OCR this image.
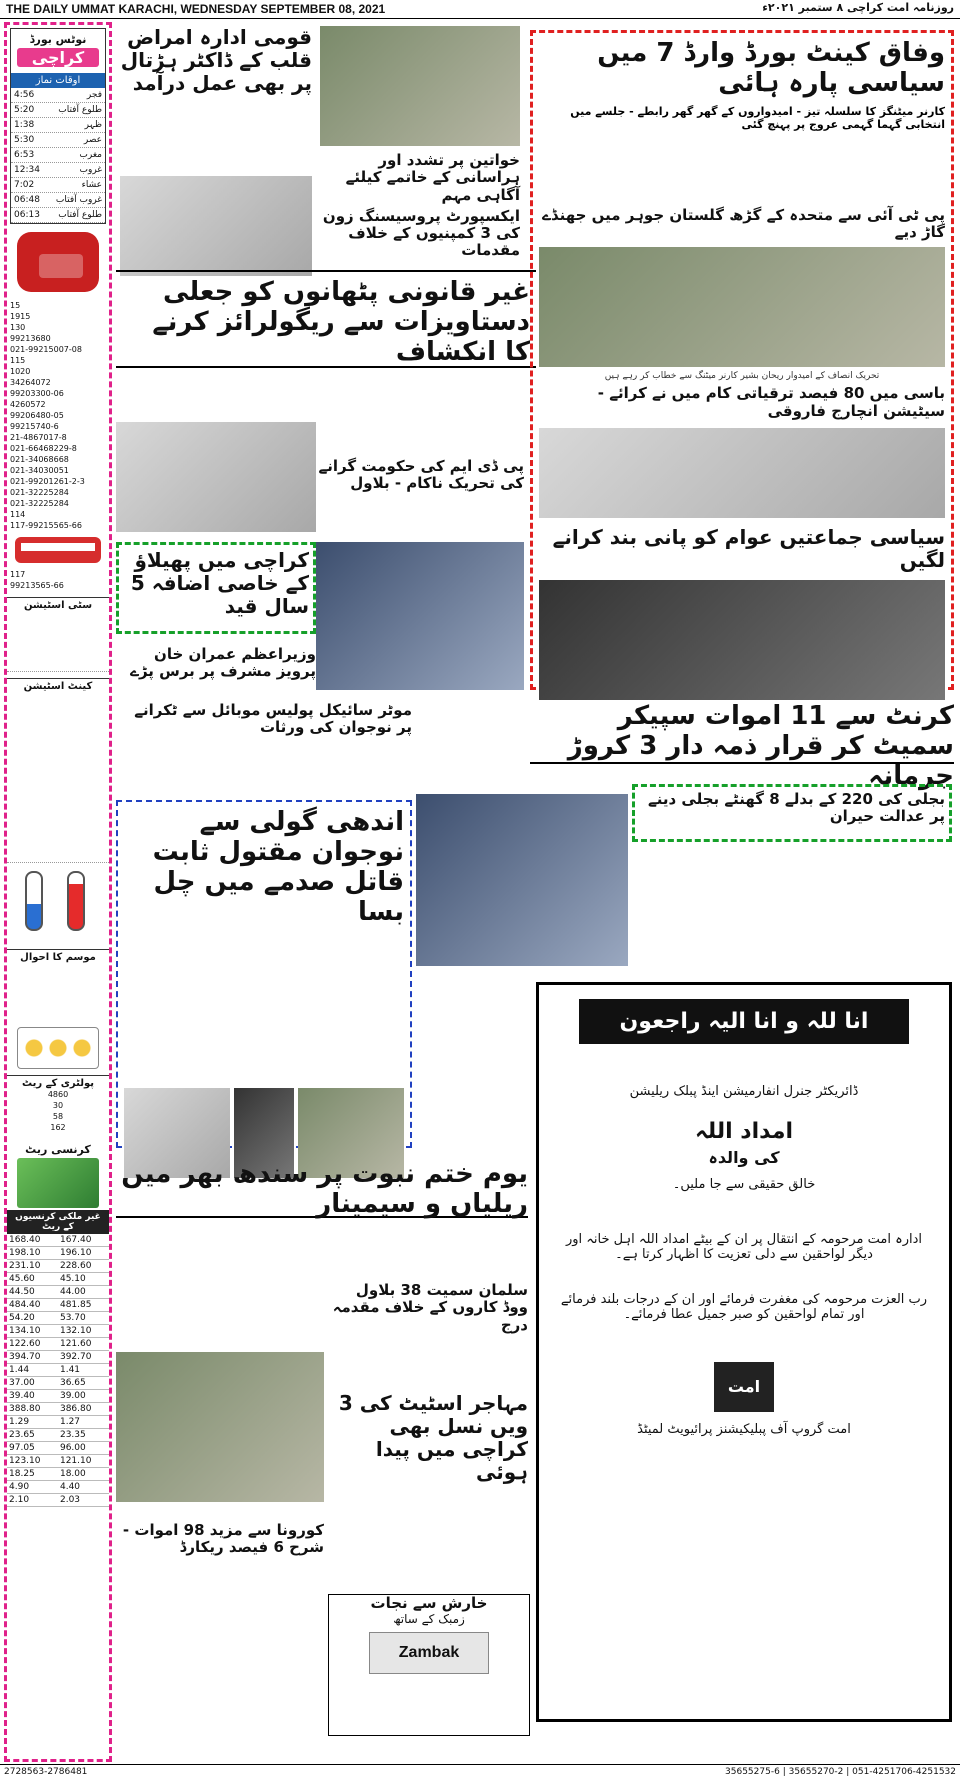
THE DAILY UMMAT KARACHI, WEDNESDAY SEPTEMBER 08, 2021	روزنامہ امت کراچی ۸ ستمبر ۲۰۲۱ء
نوٹس بورڈ
کراچی
اوقات نماز
4:56	فجر
5:20	طلوع آفتاب
1:38	ظہر
5:30	عصر
6:53	مغرب
12:34	غروب
7:02	عشاء
06:48 غروب آفتاب
06:13 طلوع آفتاب
15
1915
130
99213680
021-99215007-08
115
1020
34264072
99203300-06
4260572
99206480-05
99215740-6
21-4867017-8
021-66468229-8
021-34068668
021-34030051
021-99201261-2-3
021-32225284
021-32225284
114
117-99215565-66
117
99213565-66
سٹی اسٹیشن
کینٹ اسٹیشن
موسم کا احوال
پولٹری کے ریٹ
4860
30
58
162
کرنسی ریٹ
غیر ملکی کرنسیوں کے ریٹ	
168.40	167.40
198.10	196.10
231.10	228.60
45.60	45.10
44.50	44.00
484.40	481.85
54.20	53.70
134.10	132.10
122.60	121.60
394.70	392.70
1.44	1.41
37.00	36.65
39.40	39.00
388.80	386.80
1.29	1.27
23.65	23.35
97.05	96.00
123.10	121.10
18.25	18.00
4.90	4.40
2.10	2.03
قومی ادارہ امراض قلب کے ڈاکٹر ہڑتال پر بھی عمل درآمد
خواتین پر تشدد اور ہراسانی کے خاتمے کیلئے آگاہی مہم
ایکسپورٹ پروسیسنگ زون کی 3 کمپنیوں کے خلاف مقدمات
غیر قانونی پٹھانوں کو جعلی دستاویزات سے ریگولرائز کرنے کا انکشاف
پی ڈی ایم کی حکومت گرانے کی تحریک ناکام - بلاول
کراچی میں پھیلاؤ کے خاصی اضافہ 5 سال قید
وزیراعظم عمران خان پرویز مشرف پر برس پڑے
وفاق کینٹ بورڈ وارڈ 7 میں سیاسی پارہ ہائی
کارنر میٹنگز کا سلسلہ تیز - امیدواروں کے گھر گھر رابطے - جلسے میں انتخابی گہما گہمی عروج پر پہنچ گئی
پی ٹی آئی سے متحدہ کے گڑھ گلستان جوہر میں جھنڈے گاڑ دیے
تحریک انصاف کے امیدوار ریحان بشیر کارنر میٹنگ سے خطاب کر رہے ہیں
باسی میں 80 فیصد ترقیاتی کام میں نے کرائے - سیٹیشن انچارج فاروقی
سیاسی جماعتیں عوام کو پانی بند کرانے لگیں
کرنٹ سے 11 اموات سپیکر سمیٹ کر قرار ذمہ دار 3 کروڑ جرمانہ
بجلی کی 220 کے بدلے 8 گھنٹے بجلی دینے پر عدالت حیران
موٹر سائیکل پولیس موبائل سے ٹکرانے پر نوجوان کی ورثات
اندھی گولی سے نوجوان مقتول ثابت قاتل صدمے میں چل بسا
یوم ختم نبوت پر سندھ بھر میں ریلیاں و سیمینار
سلمان سمیت 38 بلاول ووڈ کاروں کے خلاف مقدمہ درج
مہاجر اسٹیٹ کی 3 ویں نسل بھی کراچی میں پیدا ہوئی
کورونا سے مزید 98 اموات - شرح 6 فیصد ریکارڈ
خارش سے نجات
زمبک کے ساتھ
Zambak
انا للہ و انا الیہ راجعون

ڈائریکٹر جنرل انفارمیشن اینڈ پبلک ریلیشن

امداد اللہ
کی والدہ

خالق حقیقی سے جا ملیں۔

ادارہ امت مرحومہ کے انتقال پر ان کے بیٹے امداد اللہ اہل خانہ اور دیگر لواحقین سے دلی تعزیت کا اظہار کرتا ہے۔

رب العزت مرحومہ کی مغفرت فرمائے اور ان کے درجات بلند فرمائے اور تمام لواحقین کو صبر جمیل عطا فرمائے۔

امت

امت گروپ آف پبلیکیشنز پرائیویٹ لمیٹڈ

2728563-2786481	051-4251706-4251532 | 35655270-2 | 35655275-6
